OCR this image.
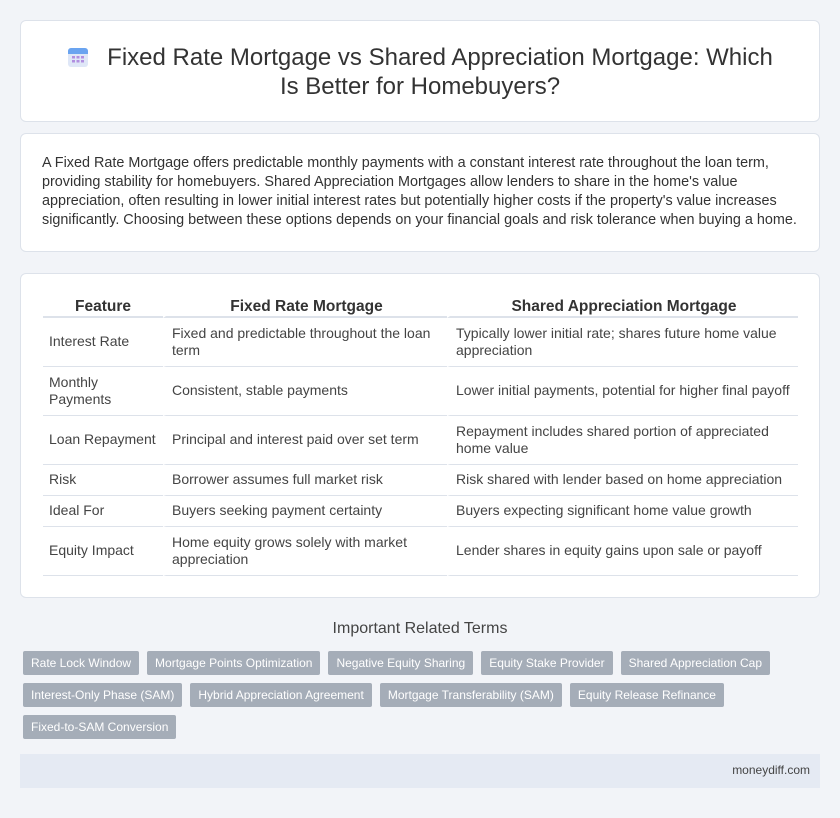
Fixed Rate Mortgage vs Shared Appreciation Mortgage: Which Is Better for Homebuyers?

A Fixed Rate Mortgage offers predictable monthly payments with a constant interest rate throughout the loan term, providing stability for homebuyers. Shared Appreciation Mortgages allow lenders to share in the home's value appreciation, often resulting in lower initial interest rates but potentially higher costs if the property's value increases significantly. Choosing between these options depends on your financial goals and risk tolerance when buying a home.

Feature	Fixed Rate Mortgage	Shared Appreciation Mortgage
Interest Rate	Fixed and predictable throughout the loan term	Typically lower initial rate; shares future home value appreciation
Monthly Payments	Consistent, stable payments	Lower initial payments, potential for higher final payoff
Loan Repayment	Principal and interest paid over set term	Repayment includes shared portion of appreciated home value
Risk	Borrower assumes full market risk	Risk shared with lender based on home appreciation
Ideal For	Buyers seeking payment certainty	Buyers expecting significant home value growth
Equity Impact	Home equity grows solely with market appreciation	Lender shares in equity gains upon sale or payoff
Important Related Terms
Rate Lock Window	Mortgage Points Optimization	Negative Equity Sharing	Equity Stake Provider	Shared Appreciation Cap
Interest-Only Phase (SAM)	Hybrid Appreciation Agreement	Mortgage Transferability (SAM)	Equity Release Refinance
Fixed-to-SAM Conversion
moneydiff.com
